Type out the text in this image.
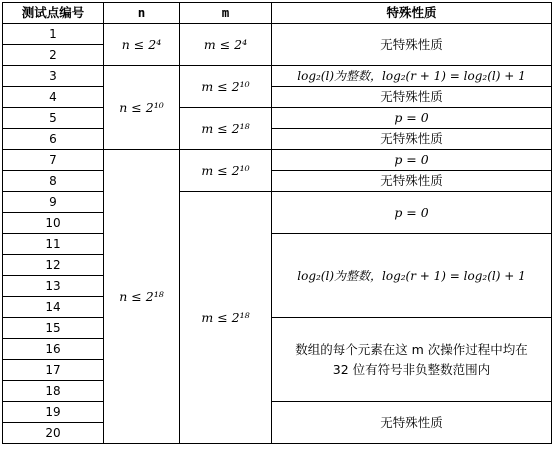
测试点编号	n	m	特殊性质
1	n ≤ 2⁴	m ≤ 2⁴	无特殊性质
2			
3	n ≤ 2¹⁰	m ≤ 2¹⁰	log₂(l)为整数，log₂(r + 1) = log₂(l) + 1
4			无特殊性质
5		m ≤ 2¹⁸	p = 0
6			无特殊性质
7	n ≤ 2¹⁸	m ≤ 2¹⁰	p = 0
8			无特殊性质
9		m ≤ 2¹⁸	p = 0
10			
11			log₂(l)为整数，log₂(r + 1) = log₂(l) + 1
12			
13			
14			
15			数组的每个元素在这 m 次操作过程中均在
32 位有符号非负整数范围内

16			
17			
18			
19			无特殊性质
20			
